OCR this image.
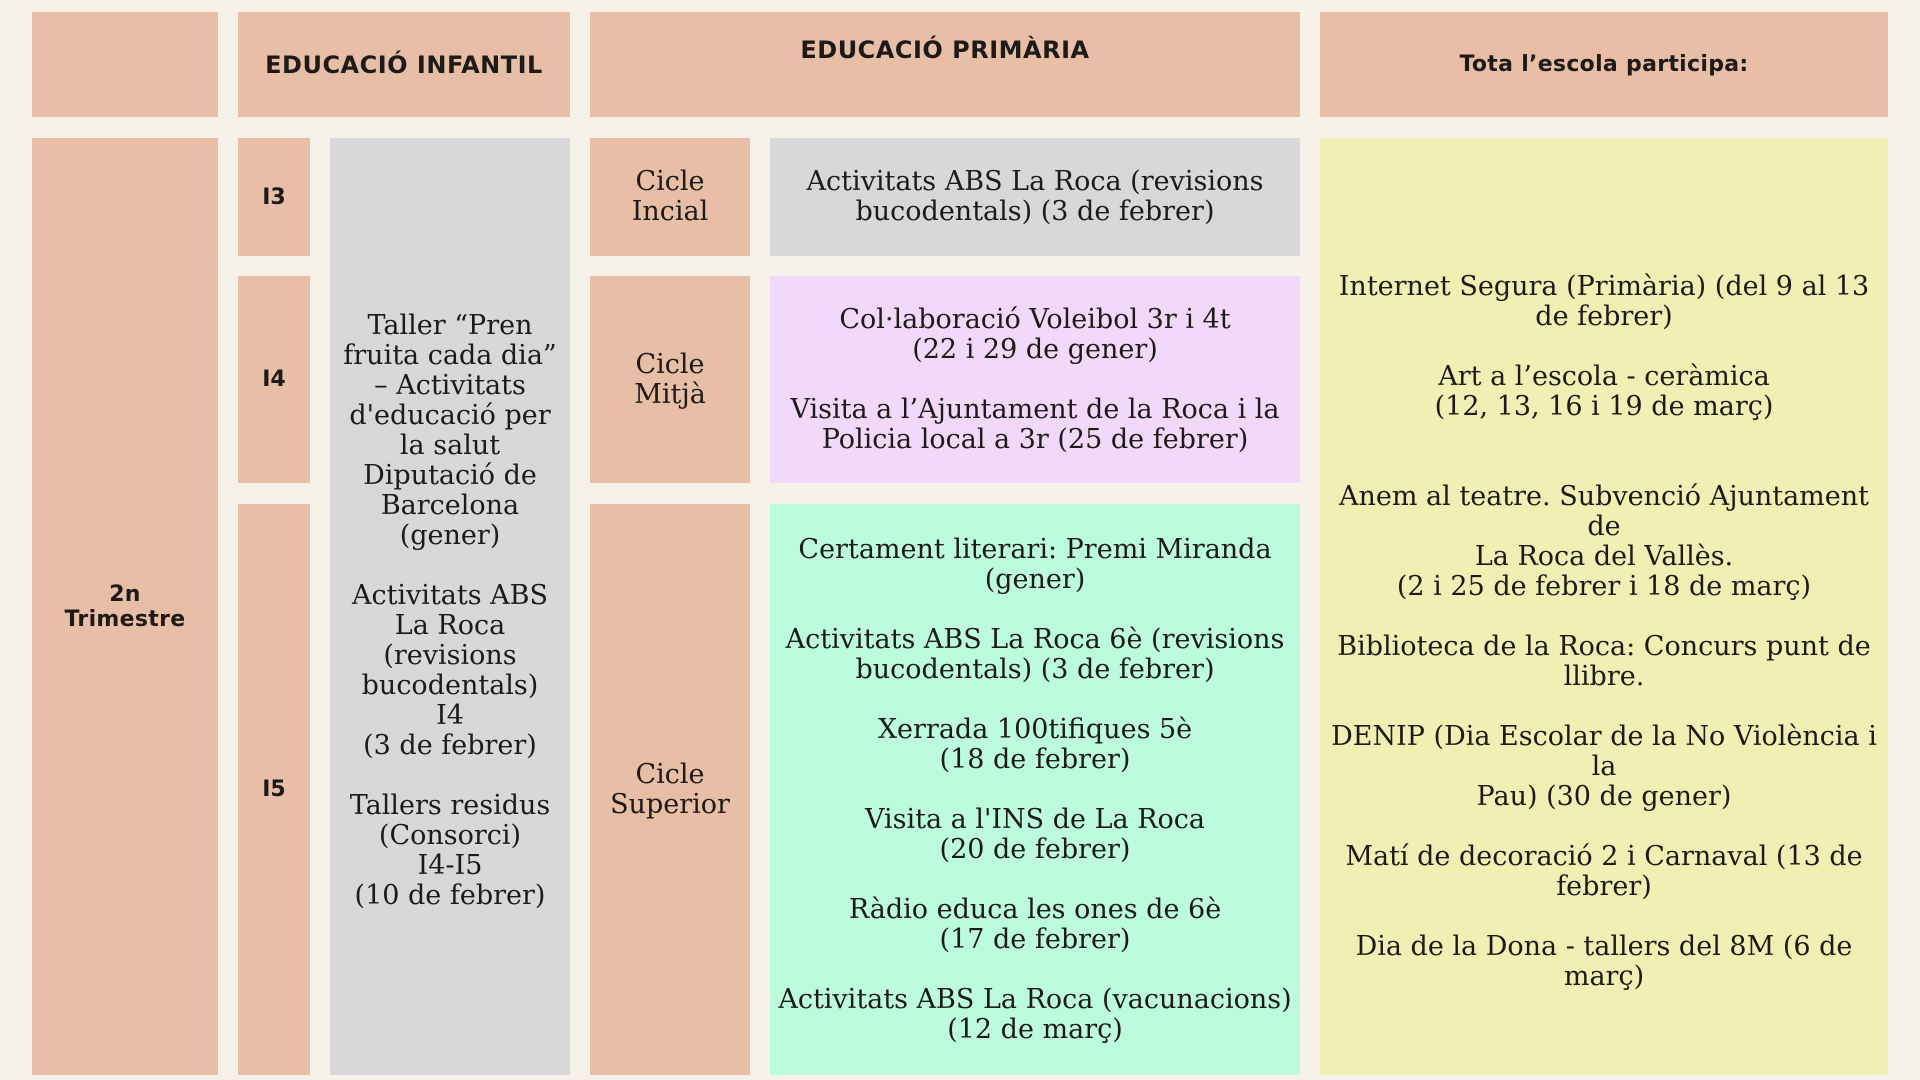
EDUCACIÓ INFANTIL
EDUCACIÓ PRIMÀRIA
Tota l’escola participa:
2n
Trimestre
I3
I4
I5
Taller “Pren
fruita cada dia”
– Activitats
d'educació per
la salut
Diputació de
Barcelona
(gener)
Activitats ABS
La Roca
(revisions
bucodentals)
I4
(3 de febrer)
Tallers residus
(Consorci)
I4-I5
(10 de febrer)
Cicle
Incial
Cicle
Mitjà
Cicle
Superior
Activitats ABS La Roca (revisions
bucodentals) (3 de febrer)
Col·laboració Voleibol 3r i 4t
(22 i 29 de gener)
Visita a l’Ajuntament de la Roca i la
Policia local a 3r (25 de febrer)
Certament literari: Premi Miranda
(gener)
Activitats ABS La Roca 6è (revisions
bucodentals) (3 de febrer)
Xerrada 100tifiques 5è
(18 de febrer)
Visita a l'INS de La Roca
(20 de febrer)
Ràdio educa les ones de 6è
(17 de febrer)
Activitats ABS La Roca (vacunacions)
(12 de març)
Internet Segura (Primària) (del 9 al 13
de febrer)
Art a l’escola - ceràmica
(12, 13, 16 i 19 de març)
Anem al teatre. Subvenció Ajuntament de
La Roca del Vallès.
(2 i 25 de febrer i 18 de març)
Biblioteca de la Roca: Concurs punt de
llibre.
DENIP (Dia Escolar de la No Violència i la
Pau) (30 de gener)
Matí de decoració 2 i Carnaval (13 de
febrer)
Dia de la Dona - tallers del 8M (6 de
març)
